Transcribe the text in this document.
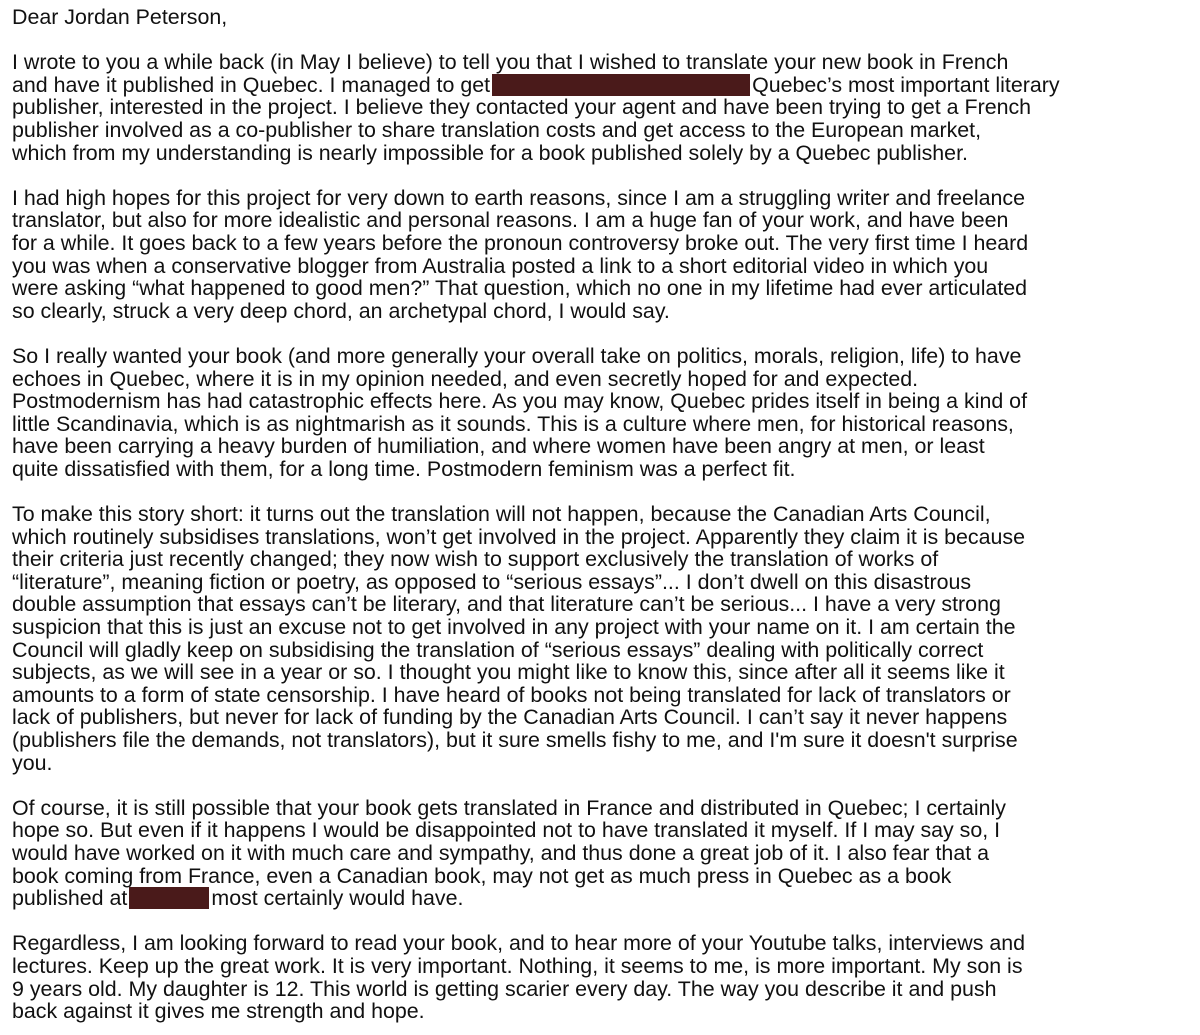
Dear Jordan Peterson,
I wrote to you a while back (in May I believe) to tell you that I wished to translate your new book in French
and have it published in Quebec. I managed to get	Quebec’s most important literary
publisher, interested in the project. I believe they contacted your agent and have been trying to get a French
publisher involved as a co-publisher to share translation costs and get access to the European market,
which from my understanding is nearly impossible for a book published solely by a Quebec publisher.
I had high hopes for this project for very down to earth reasons, since I am a struggling writer and freelance
translator, but also for more idealistic and personal reasons. I am a huge fan of your work, and have been
for a while. It goes back to a few years before the pronoun controversy broke out. The very first time I heard
you was when a conservative blogger from Australia posted a link to a short editorial video in which you
were asking “what happened to good men?” That question, which no one in my lifetime had ever articulated
so clearly, struck a very deep chord, an archetypal chord, I would say.
So I really wanted your book (and more generally your overall take on politics, morals, religion, life) to have
echoes in Quebec, where it is in my opinion needed, and even secretly hoped for and expected.
Postmodernism has had catastrophic effects here. As you may know, Quebec prides itself in being a kind of
little Scandinavia, which is as nightmarish as it sounds. This is a culture where men, for historical reasons,
have been carrying a heavy burden of humiliation, and where women have been angry at men, or least
quite dissatisfied with them, for a long time. Postmodern feminism was a perfect fit.
To make this story short: it turns out the translation will not happen, because the Canadian Arts Council,
which routinely subsidises translations, won’t get involved in the project. Apparently they claim it is because
their criteria just recently changed; they now wish to support exclusively the translation of works of
“literature”, meaning fiction or poetry, as opposed to “serious essays”... I don’t dwell on this disastrous
double assumption that essays can’t be literary, and that literature can’t be serious... I have a very strong
suspicion that this is just an excuse not to get involved in any project with your name on it. I am certain the
Council will gladly keep on subsidising the translation of “serious essays” dealing with politically correct
subjects, as we will see in a year or so. I thought you might like to know this, since after all it seems like it
amounts to a form of state censorship. I have heard of books not being translated for lack of translators or
lack of publishers, but never for lack of funding by the Canadian Arts Council. I can’t say it never happens
(publishers file the demands, not translators), but it sure smells fishy to me, and I'm sure it doesn't surprise
you.
Of course, it is still possible that your book gets translated in France and distributed in Quebec; I certainly
hope so. But even if it happens I would be disappointed not to have translated it myself. If I may say so, I
would have worked on it with much care and sympathy, and thus done a great job of it. I also fear that a
book coming from France, even a Canadian book, may not get as much press in Quebec as a book
published at	most certainly would have.
Regardless, I am looking forward to read your book, and to hear more of your Youtube talks, interviews and
lectures. Keep up the great work. It is very important. Nothing, it seems to me, is more important. My son is
9 years old. My daughter is 12. This world is getting scarier every day. The way you describe it and push
back against it gives me strength and hope.
